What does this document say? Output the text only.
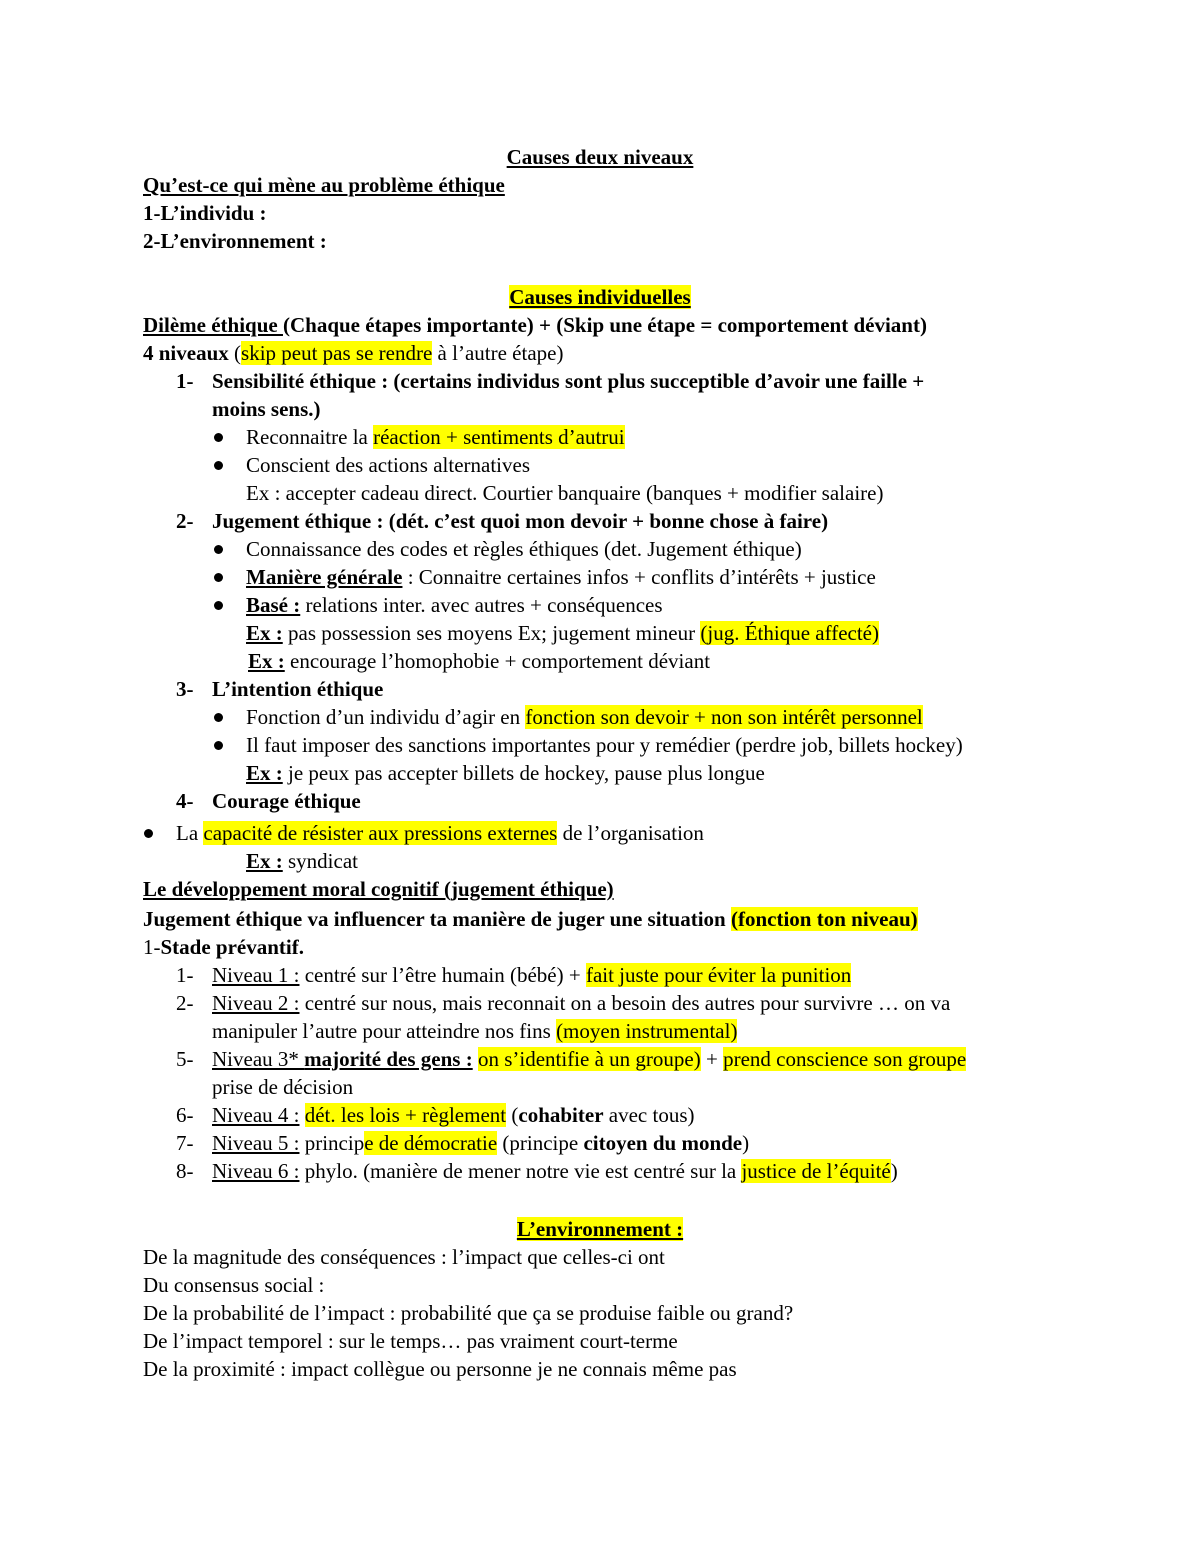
Causes deux niveaux
Qu’est-ce qui mène au problème éthique
1-L’individu :
2-L’environnement :
Causes individuelles
Dilème éthique (Chaque étapes importante) + (Skip une étape = comportement déviant)
4 niveaux (skip peut pas se rendre à l’autre étape)
1- Sensibilité éthique : (certains individus sont plus succeptible d’avoir une faille +
moins sens.)
Reconnaitre la réaction + sentiments d’autrui
Conscient des actions alternatives
Ex : accepter cadeau direct. Courtier banquaire (banques + modifier salaire)
2- Jugement éthique : (dét. c’est quoi mon devoir + bonne chose à faire)
Connaissance des codes et règles éthiques (det. Jugement éthique)
Manière générale : Connaitre certaines infos + conflits d’intérêts + justice
Basé : relations inter. avec autres + conséquences
Ex : pas possession ses moyens Ex; jugement mineur (jug. Éthique affecté)
Ex : encourage l’homophobie + comportement déviant
3- L’intention éthique
Fonction d’un individu d’agir en fonction son devoir + non son intérêt personnel
Il faut imposer des sanctions importantes pour y remédier (perdre job, billets hockey)
Ex : je peux pas accepter billets de hockey, pause plus longue
4- Courage éthique
La capacité de résister aux pressions externes de l’organisation
Ex : syndicat
Le développement moral cognitif (jugement éthique)
Jugement éthique va influencer ta manière de juger une situation (fonction ton niveau)
1-Stade prévantif.
1- Niveau 1 : centré sur l’être humain (bébé) + fait juste pour éviter la punition
2- Niveau 2 : centré sur nous, mais reconnait on a besoin des autres pour survivre … on va
manipuler l’autre pour atteindre nos fins (moyen instrumental)
5- Niveau 3* majorité des gens : on s’identifie à un groupe) + prend conscience son groupe
prise de décision
6- Niveau 4 : dét. les lois + règlement (cohabiter avec tous)
7- Niveau 5 : principe de démocratie (principe citoyen du monde)
8- Niveau 6 : phylo. (manière de mener notre vie est centré sur la justice de l’équité)
L’environnement :
De la magnitude des conséquences : l’impact que celles-ci ont
Du consensus social :
De la probabilité de l’impact : probabilité que ça se produise faible ou grand?
De l’impact temporel : sur le temps… pas vraiment court-terme
De la proximité : impact collègue ou personne je ne connais même pas
